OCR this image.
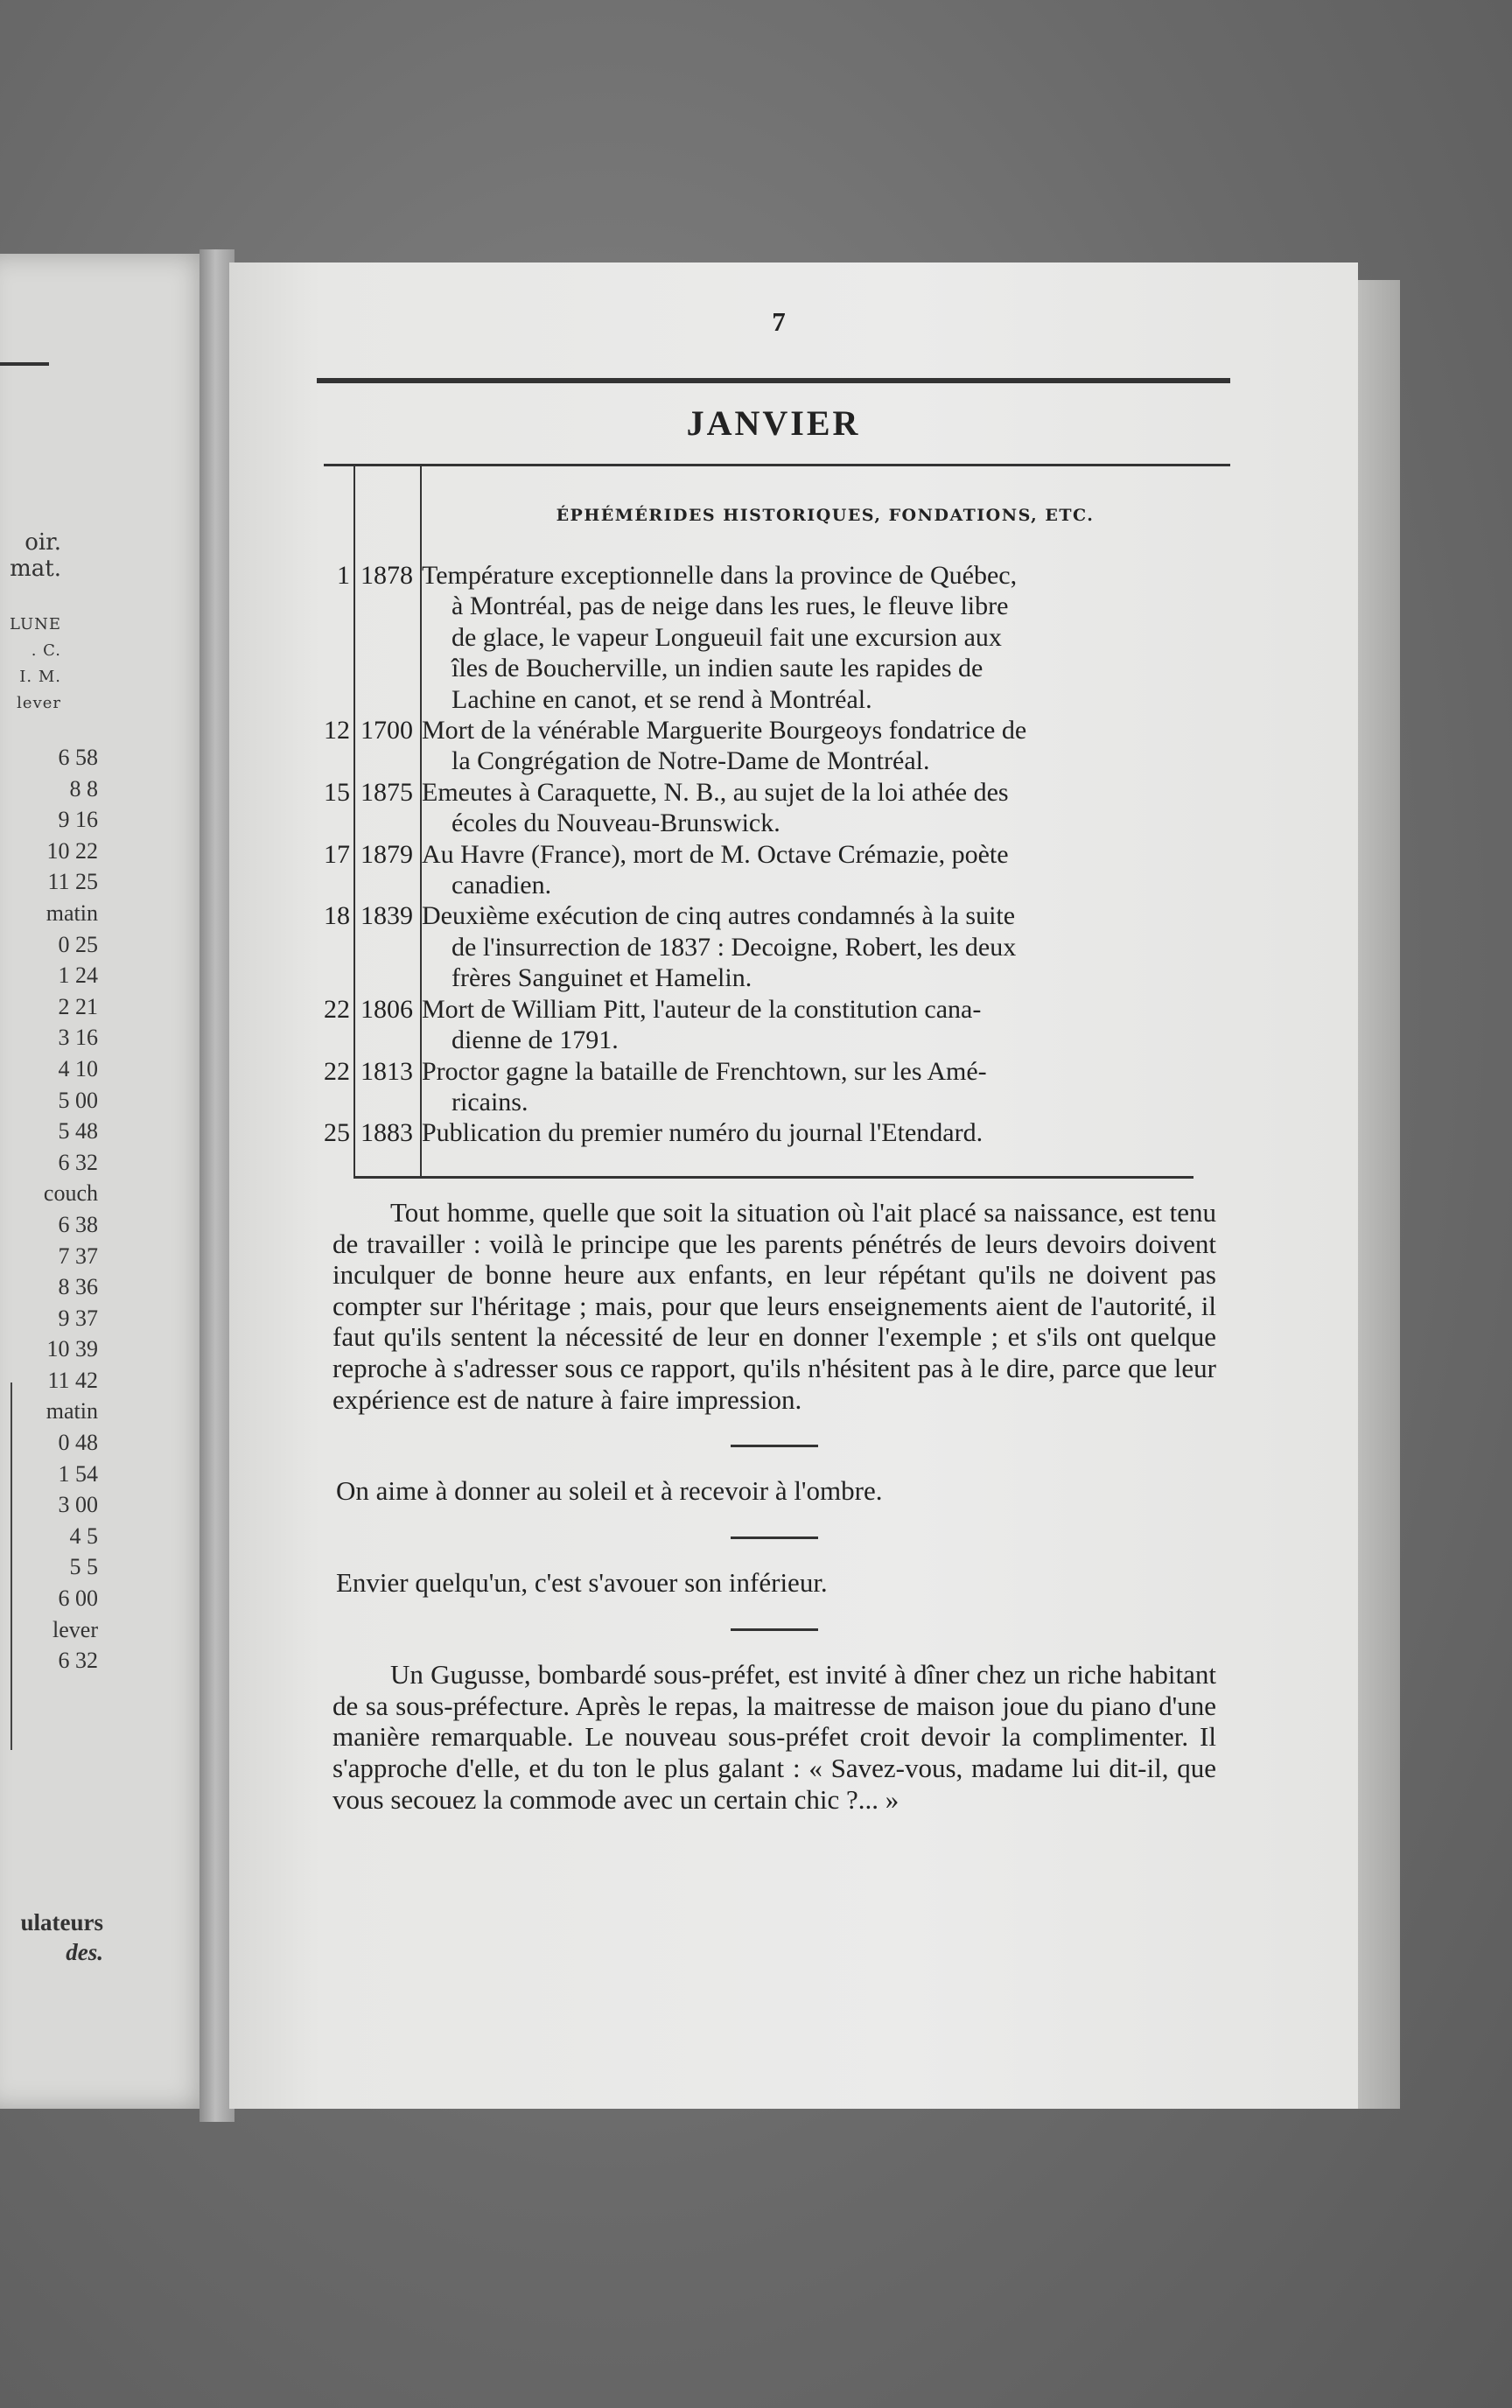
oir.
mat.
LUNE
. C.
I. M.
lever
6 58
8 8
9 16
10 22
11 25
matin
0 25
1 24
2 21
3 16
4 10
5 00
5 48
6 32
couch
6 38
7 37
8 36
9 37
10 39
11 42
matin
0 48
1 54
3 00
4 5
5 5
6 00
lever
6 32
ulateurs
des.
7
JANVIER
ÉPHÉMÉRIDES HISTORIQUES, FONDATIONS, ETC.
1 1878 Température exceptionnelle dans la province de Québec,
à Montréal, pas de neige dans les rues, le fleuve libre
de glace, le vapeur Longueuil fait une excursion aux
îles de Boucherville, un indien saute les rapides de
Lachine en canot, et se rend à Montréal.
12 1700 Mort de la vénérable Marguerite Bourgeoys fondatrice de
la Congrégation de Notre-Dame de Montréal.
15 1875 Emeutes à Caraquette, N. B., au sujet de la loi athée des
écoles du Nouveau-Brunswick.
17 1879 Au Havre (France), mort de M. Octave Crémazie, poète
canadien.
18 1839 Deuxième exécution de cinq autres condamnés à la suite
de l'insurrection de 1837 : Decoigne, Robert, les deux
frères Sanguinet et Hamelin.
22 1806 Mort de William Pitt, l'auteur de la constitution cana-
dienne de 1791.
22 1813 Proctor gagne la bataille de Frenchtown, sur les Amé-
ricains.
25 1883 Publication du premier numéro du journal l'Etendard.

Tout homme, quelle que soit la situation où l'ait placé sa naissance, est tenu de travailler : voilà le principe que les parents pénétrés de leurs devoirs doivent inculquer de bonne heure aux enfants, en leur répétant qu'ils ne doivent pas compter sur l'héritage ; mais, pour que leurs enseignements aient de l'autorité, il faut qu'ils sentent la nécessité de leur en donner l'exemple ; et s'ils ont quelque reproche à s'adresser sous ce rapport, qu'ils n'hésitent pas à le dire, parce que leur expérience est de nature à faire impression.

On aime à donner au soleil et à recevoir à l'ombre.

Envier quelqu'un, c'est s'avouer son inférieur.

Un Gugusse, bombardé sous-préfet, est invité à dîner chez un riche habitant de sa sous-préfecture. Après le repas, la maitresse de maison joue du piano d'une manière remarquable. Le nouveau sous-préfet croit devoir la complimenter. Il s'approche d'elle, et du ton le plus galant : « Savez-vous, madame lui dit-il, que vous secouez la commode avec un certain chic ?... »
